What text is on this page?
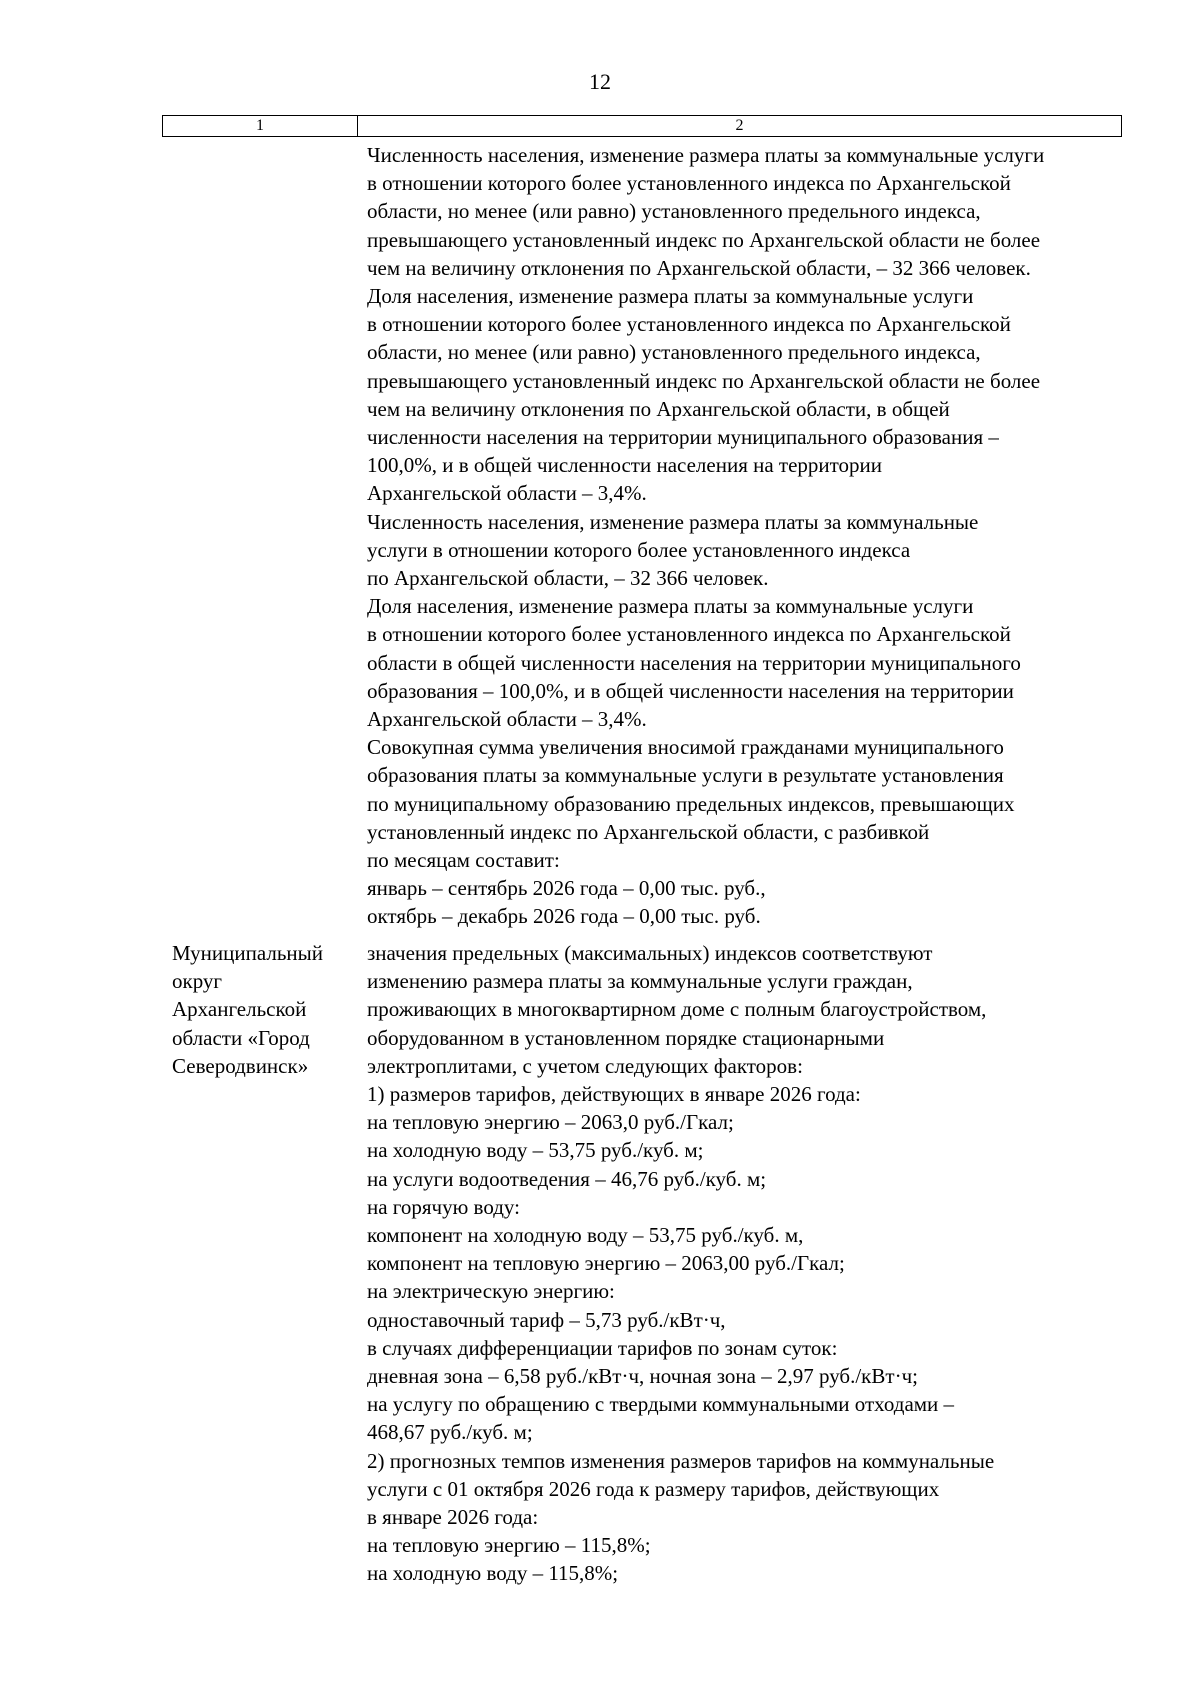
12
1	2
Численность населения, изменение размера платы за коммунальные услуги
в отношении которого более установленного индекса по Архангельской
области, но менее (или равно) установленного предельного индекса,
превышающего установленный индекс по Архангельской области не более
чем на величину отклонения по Архангельской области, – 32 366 человек.
Доля населения, изменение размера платы за коммунальные услуги
в отношении которого более установленного индекса по Архангельской
области, но менее (или равно) установленного предельного индекса,
превышающего установленный индекс по Архангельской области не более
чем на величину отклонения по Архангельской области, в общей
численности населения на территории муниципального образования –
100,0%, и в общей численности населения на территории
Архангельской области – 3,4%.
Численность населения, изменение размера платы за коммунальные
услуги в отношении которого более установленного индекса
по Архангельской области, – 32 366 человек.
Доля населения, изменение размера платы за коммунальные услуги
в отношении которого более установленного индекса по Архангельской
области в общей численности населения на территории муниципального
образования – 100,0%, и в общей численности населения на территории
Архангельской области – 3,4%.
Совокупная сумма увеличения вносимой гражданами муниципального
образования платы за коммунальные услуги в результате установления
по муниципальному образованию предельных индексов, превышающих
установленный индекс по Архангельской области, с разбивкой
по месяцам составит:
январь – сентябрь 2026 года – 0,00 тыс. руб.,
октябрь – декабрь 2026 года – 0,00 тыс. руб.
Муниципальный
округ
Архангельской
области «Город
Северодвинск»
значения предельных (максимальных) индексов соответствуют
изменению размера платы за коммунальные услуги граждан,
проживающих в многоквартирном доме с полным благоустройством,
оборудованном в установленном порядке стационарными
электроплитами, с учетом следующих факторов:
1) размеров тарифов, действующих в январе 2026 года:
на тепловую энергию – 2063,0 руб./Гкал;
на холодную воду – 53,75 руб./куб. м;
на услуги водоотведения – 46,76 руб./куб. м;
на горячую воду:
компонент на холодную воду – 53,75 руб./куб. м,
компонент на тепловую энергию – 2063,00 руб./Гкал;
на электрическую энергию:
одноставочный тариф – 5,73 руб./кВт·ч,
в случаях дифференциации тарифов по зонам суток:
дневная зона – 6,58 руб./кВт·ч, ночная зона – 2,97 руб./кВт·ч;
на услугу по обращению с твердыми коммунальными отходами –
468,67 руб./куб. м;
2) прогнозных темпов изменения размеров тарифов на коммунальные
услуги с 01 октября 2026 года к размеру тарифов, действующих
в январе 2026 года:
на тепловую энергию – 115,8%;
на холодную воду – 115,8%;
